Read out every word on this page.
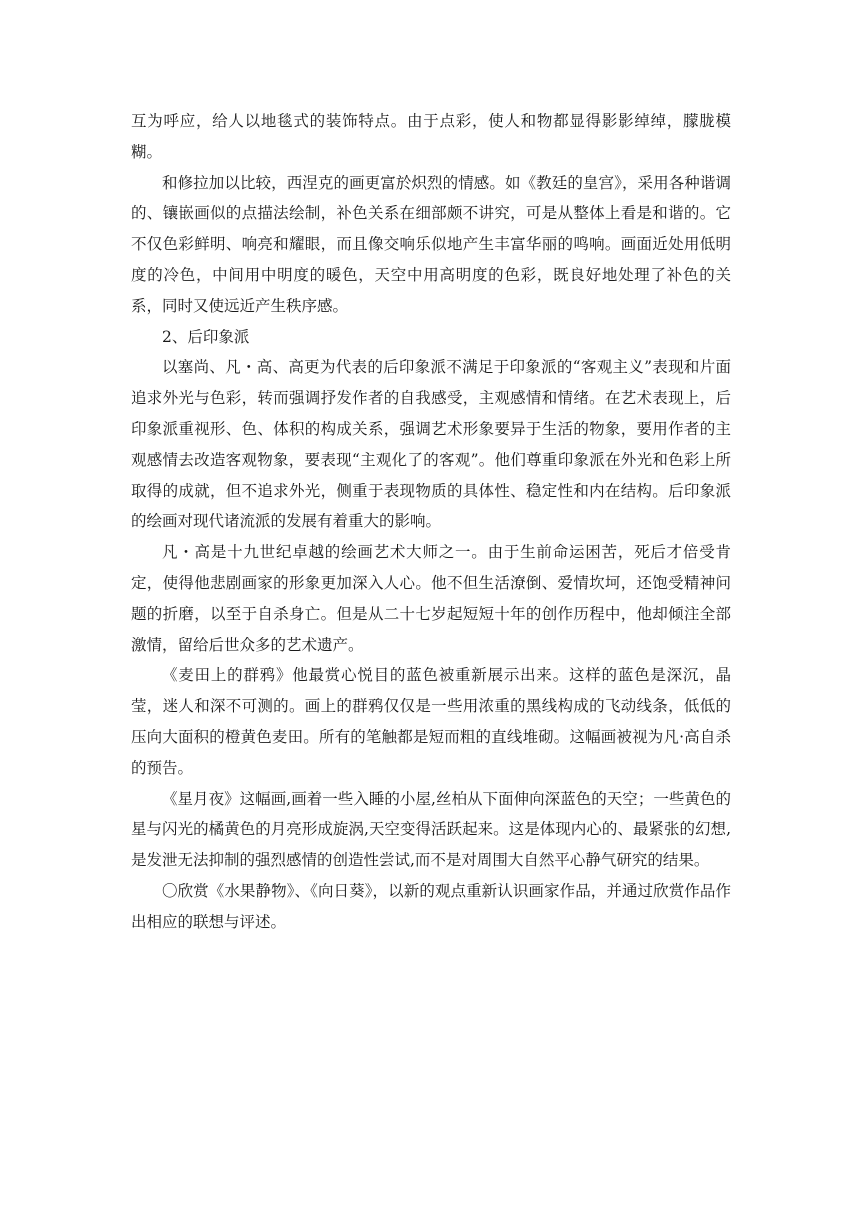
互为呼应，给人以地毯式的装饰特点。由于点彩，使人和物都显得影影绰绰，朦胧模糊。

和修拉加以比较，西涅克的画更富於炽烈的情感。如《教廷的皇宫》，采用各种谐调的、镶嵌画似的点描法绘制，补色关系在细部颇不讲究，可是从整体上看是和谐的。它不仅色彩鲜明、响亮和耀眼，而且像交响乐似地产生丰富华丽的鸣响。画面近处用低明度的冷色，中间用中明度的暖色，天空中用高明度的色彩，既良好地处理了补色的关系，同时又使远近产生秩序感。

2、后印象派

以塞尚、凡・高、高更为代表的后印象派不满足于印象派的“客观主义”表现和片面追求外光与色彩，转而强调抒发作者的自我感受，主观感情和情绪。在艺术表现上，后印象派重视形、色、体积的构成关系，强调艺术形象要异于生活的物象，要用作者的主观感情去改造客观物象，要表现“主观化了的客观”。他们尊重印象派在外光和色彩上所取得的成就，但不追求外光，侧重于表现物质的具体性、稳定性和内在结构。后印象派的绘画对现代诸流派的发展有着重大的影响。

凡・高是十九世纪卓越的绘画艺术大师之一。由于生前命运困苦，死后才倍受肯定，使得他悲剧画家的形象更加深入人心。他不但生活潦倒、爱情坎坷，还饱受精神问题的折磨，以至于自杀身亡。但是从二十七岁起短短十年的创作历程中，他却倾注全部激情，留给后世众多的艺术遗产。

《麦田上的群鸦》他最赏心悦目的蓝色被重新展示出来。这样的蓝色是深沉，晶莹，迷人和深不可测的。画上的群鸦仅仅是一些用浓重的黑线构成的飞动线条，低低的压向大面积的橙黄色麦田。所有的笔触都是短而粗的直线堆砌。这幅画被视为凡·高自杀的预告。

《星月夜》这幅画,画着一些入睡的小屋,丝柏从下面伸向深蓝色的天空；一些黄色的星与闪光的橘黄色的月亮形成旋涡,天空变得活跃起来。这是体现内心的、最紧张的幻想,是发泄无法抑制的强烈感情的创造性尝试,而不是对周围大自然平心静气研究的结果。

〇欣赏《水果静物》、《向日葵》，以新的观点重新认识画家作品，并通过欣赏作品作出相应的联想与评述。
